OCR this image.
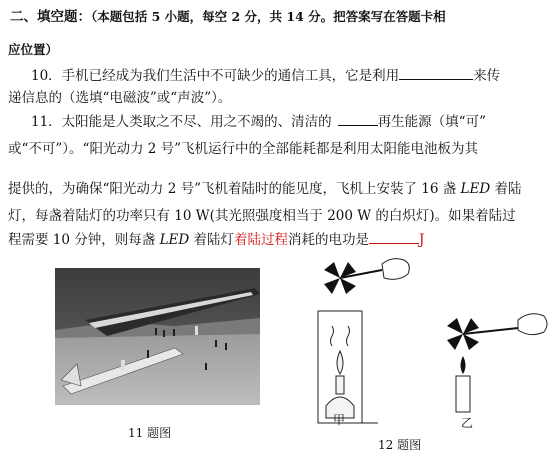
二、填空题：（本题包括 5 小题，每空 2 分，共 14 分。把答案写在答题卡相
应位置）
10．手机已经成为我们生活中不可缺少的通信工具，它是利用	来传
递信息的（选填“电磁波”或“声波”）。
11．太阳能是人类取之不尽、用之不竭的、清洁的	再生能源（填“可”
或“不可”）。“阳光动力 2 号”飞机运行中的全部能耗都是利用太阳能电池板为其
提供的，为确保“阳光动力 2 号”飞机着陆时的能见度，飞机上安装了 16 盏 LED 着陆
灯，每盏着陆灯的功率只有 10 W(其光照强度相当于 200 W 的白炽灯)。如果着陆过
程需要 10 分钟，则每盏 LED 着陆灯着陆过程消耗的电功是	J
11 题图
甲	乙
12 题图
